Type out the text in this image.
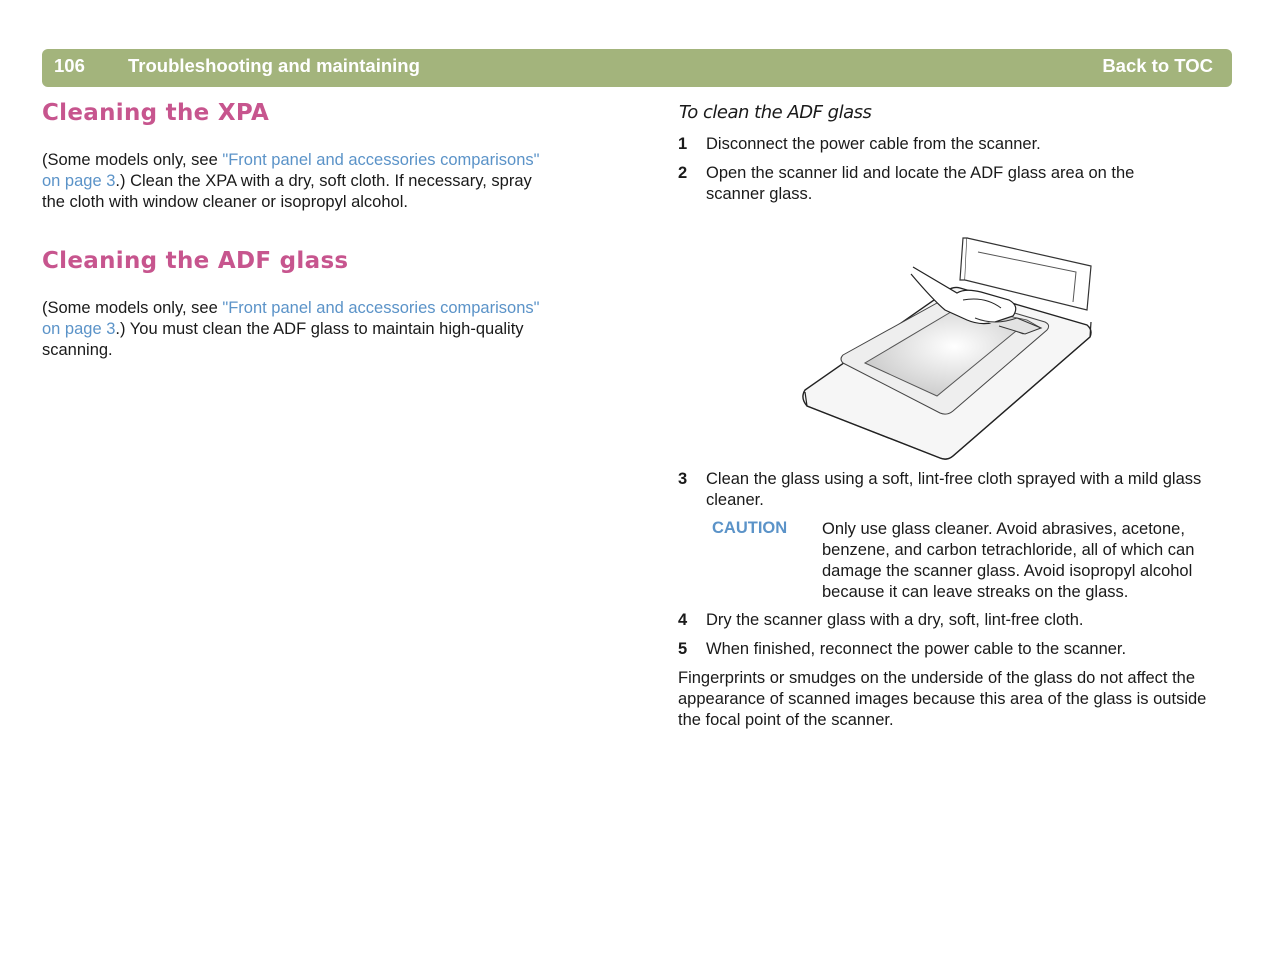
106 Troubleshooting and maintaining	Back to TOC
Cleaning the XPA

(Some models only, see "Front panel and accessories comparisons"
on page 3.) Clean the XPA with a dry, soft cloth. If necessary, spray
the cloth with window cleaner or isopropyl alcohol.

Cleaning the ADF glass

(Some models only, see "Front panel and accessories comparisons"
on page 3.) You must clean the ADF glass to maintain high-quality
scanning.

To clean the ADF glass

1 Disconnect the power cable from the scanner.
2 Open the scanner lid and locate the ADF glass area on the scanner glass.
3 Clean the glass using a soft, lint-free cloth sprayed with a mild glass cleaner.
CAUTION Only use glass cleaner. Avoid abrasives, acetone, benzene, and carbon tetrachloride, all of which can damage the scanner glass. Avoid isopropyl alcohol because it can leave streaks on the glass.
4 Dry the scanner glass with a dry, soft, lint-free cloth.
5 When finished, reconnect the power cable to the scanner.

Fingerprints or smudges on the underside of the glass do not affect the appearance of scanned images because this area of the glass is outside the focal point of the scanner.
